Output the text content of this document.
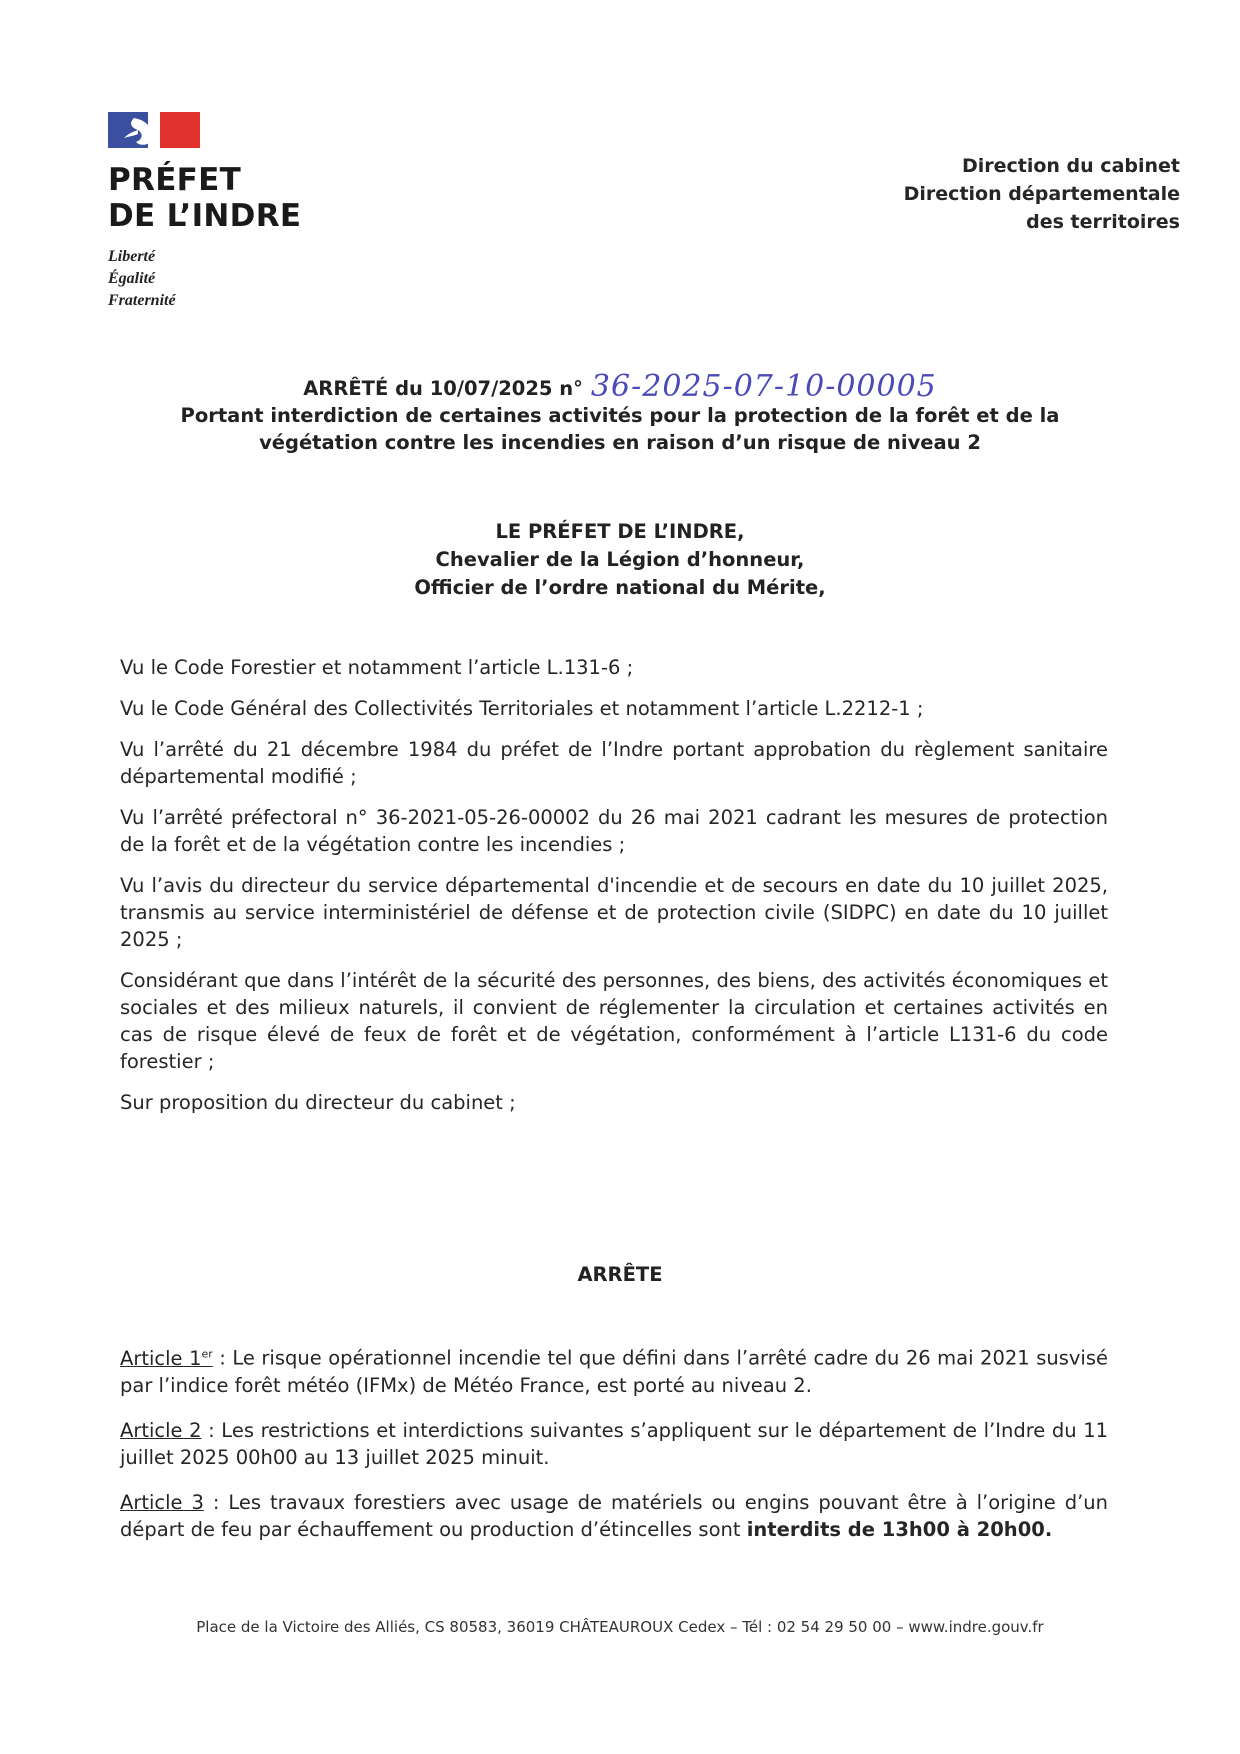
PRÉFET
DE L’INDRE
Liberté
Égalité
Fraternité
Direction du cabinet
Direction départementale
des territoires
ARRÊTÉ du 10/07/2025 n° 36-2025-07-10-00005
Portant interdiction de certaines activités pour la protection de la forêt et de la
végétation contre les incendies en raison d’un risque de niveau 2
LE PRÉFET DE L’INDRE,
Chevalier de la Légion d’honneur,
Officier de l’ordre national du Mérite,

Vu le Code Forestier et notamment l’article L.131-6 ;

Vu le Code Général des Collectivités Territoriales et notamment l’article L.2212-1 ;

Vu l’arrêté du 21 décembre 1984 du préfet de l’Indre portant approbation du règlement sanitaire départemental modifié ;

Vu l’arrêté préfectoral n° 36-2021-05-26-00002 du 26 mai 2021 cadrant les mesures de protection de la forêt et de la végétation contre les incendies ;

Vu l’avis du directeur du service départemental d'incendie et de secours en date du 10 juillet 2025, transmis au service interministériel de défense et de protection civile (SIDPC) en date du 10 juillet 2025 ;

Considérant que dans l’intérêt de la sécurité des personnes, des biens, des activités économiques et sociales et des milieux naturels, il convient de réglementer la circulation et certaines activités en cas de risque élevé de feux de forêt et de végétation, conformément à l’article L131-6 du code forestier ;

Sur proposition du directeur du cabinet ;

ARRÊTE

Article 1er : Le risque opérationnel incendie tel que défini dans l’arrêté cadre du 26 mai 2021 susvisé par l’indice forêt météo (IFMx) de Météo France, est porté au niveau 2.

Article 2 : Les restrictions et interdictions suivantes s’appliquent sur le département de l’Indre du 11 juillet 2025 00h00 au 13 juillet 2025 minuit.

Article 3 : Les travaux forestiers avec usage de matériels ou engins pouvant être à l’origine d’un départ de feu par échauffement ou production d’étincelles sont interdits de 13h00 à 20h00.

Place de la Victoire des Alliés, CS 80583, 36019 CHÂTEAUROUX Cedex – Tél : 02 54 29 50 00 – www.indre.gouv.fr
